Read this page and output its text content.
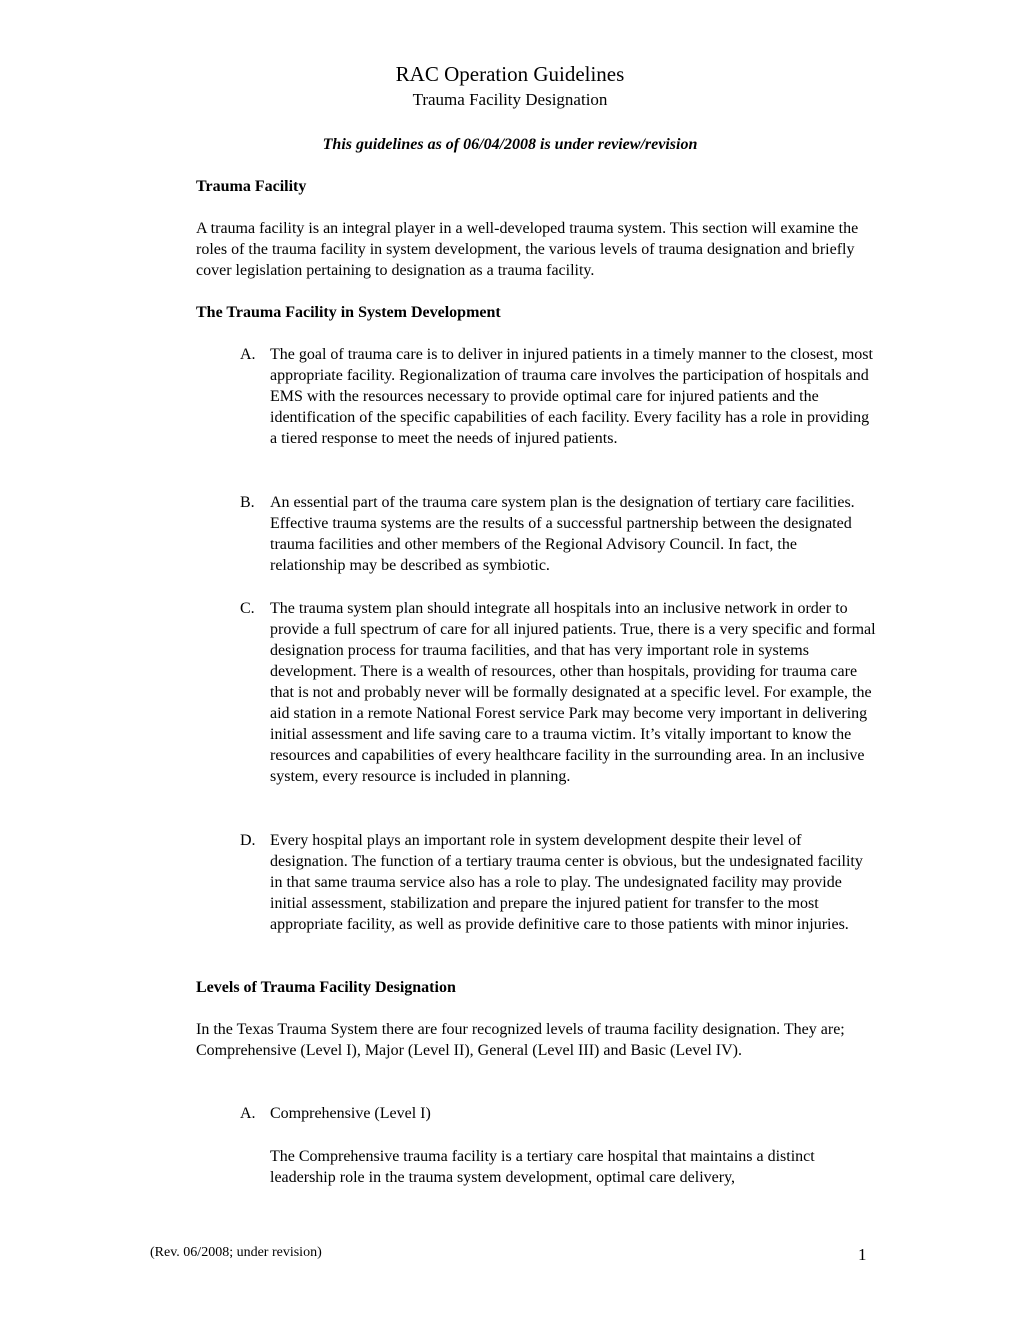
RAC Operation Guidelines
Trauma Facility Designation
This guidelines as of 06/04/2008 is under review/revision
Trauma Facility
A trauma facility is an integral player in a well-developed trauma system. This section will examine the roles of the trauma facility in system development, the various levels of trauma designation and briefly cover legislation pertaining to designation as a trauma facility.
The Trauma Facility in System Development
A. The goal of trauma care is to deliver in injured patients in a timely manner to the closest, most appropriate facility. Regionalization of trauma care involves the participation of hospitals and EMS with the resources necessary to provide optimal care for injured patients and the identification of the specific capabilities of each facility. Every facility has a role in providing a tiered response to meet the needs of injured patients.
B. An essential part of the trauma care system plan is the designation of tertiary care facilities. Effective trauma systems are the results of a successful partnership between the designated trauma facilities and other members of the Regional Advisory Council. In fact, the relationship may be described as symbiotic.
C. The trauma system plan should integrate all hospitals into an inclusive network in order to provide a full spectrum of care for all injured patients. True, there is a very specific and formal designation process for trauma facilities, and that has very important role in systems development. There is a wealth of resources, other than hospitals, providing for trauma care that is not and probably never will be formally designated at a specific level. For example, the aid station in a remote National Forest service Park may become very important in delivering initial assessment and life saving care to a trauma victim. It’s vitally important to know the resources and capabilities of every healthcare facility in the surrounding area. In an inclusive system, every resource is included in planning.
D. Every hospital plays an important role in system development despite their level of designation. The function of a tertiary trauma center is obvious, but the undesignated facility in that same trauma service also has a role to play. The undesignated facility may provide initial assessment, stabilization and prepare the injured patient for transfer to the most appropriate facility, as well as provide definitive care to those patients with minor injuries.
Levels of Trauma Facility Designation
In the Texas Trauma System there are four recognized levels of trauma facility designation. They are; Comprehensive (Level I), Major (Level II), General (Level III) and Basic (Level IV).
A. Comprehensive (Level I)
The Comprehensive trauma facility is a tertiary care hospital that maintains a distinct leadership role in the trauma system development, optimal care delivery,
(Rev. 06/2008; under revision)	1
